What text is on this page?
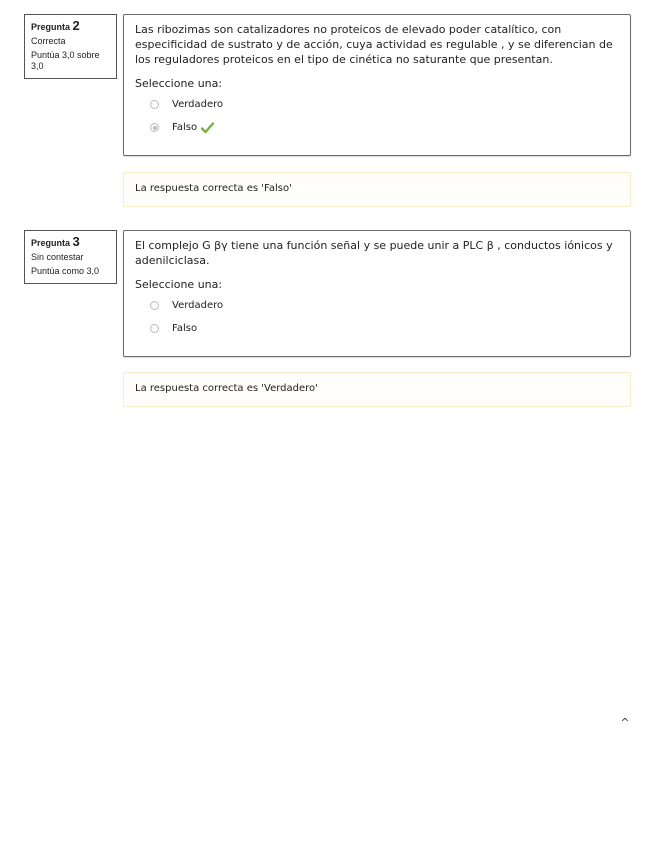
Pregunta 2
Correcta
Puntúa 3,0 sobre 3,0
Las ribozimas son catalizadores no proteicos de elevado poder catalítico, con especificidad de sustrato y de acción, cuya actividad es regulable , y se diferencian de los reguladores proteicos en el tipo de cinética no saturante que presentan.
Seleccione una:
Verdadero
Falso
La respuesta correcta es 'Falso'
Pregunta 3
Sin contestar
Puntúa como 3,0
El complejo G βγ tiene una función señal y se puede unir a PLC β , conductos iónicos y adenilciclasa.
Seleccione una:
Verdadero
Falso
La respuesta correcta es 'Verdadero'
^
